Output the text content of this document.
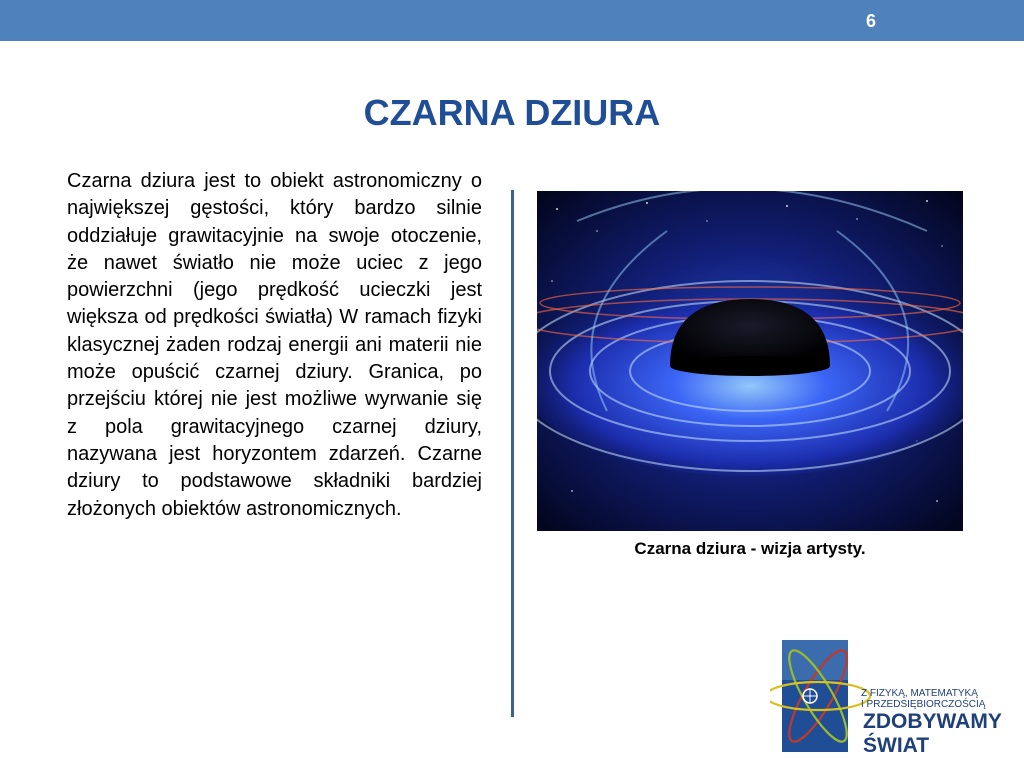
6
CZARNA DZIURA
Czarna dziura jest to obiekt astronomiczny o największej gęstości, który bardzo silnie oddziałuje grawitacyjnie na swoje otoczenie, że nawet światło nie może uciec z jego powierzchni (jego prędkość ucieczki jest większa od prędkości światła) W ramach fizyki klasycznej żaden rodzaj energii ani materii nie może opuścić czarnej dziury. Granica, po przejściu której nie jest możliwe wyrwanie się z pola grawitacyjnego czarnej dziury, nazywana jest horyzontem zdarzeń. Czarne dziury to podstawowe składniki bardziej złożonych obiektów astronomicznych.
Czarna dziura - wizja artysty.
Z FIZYKĄ, MATEMATYKĄ
I PRZEDSIĘBIORCZOŚCIĄ
ZDOBYWAMY
ŚWIAT
